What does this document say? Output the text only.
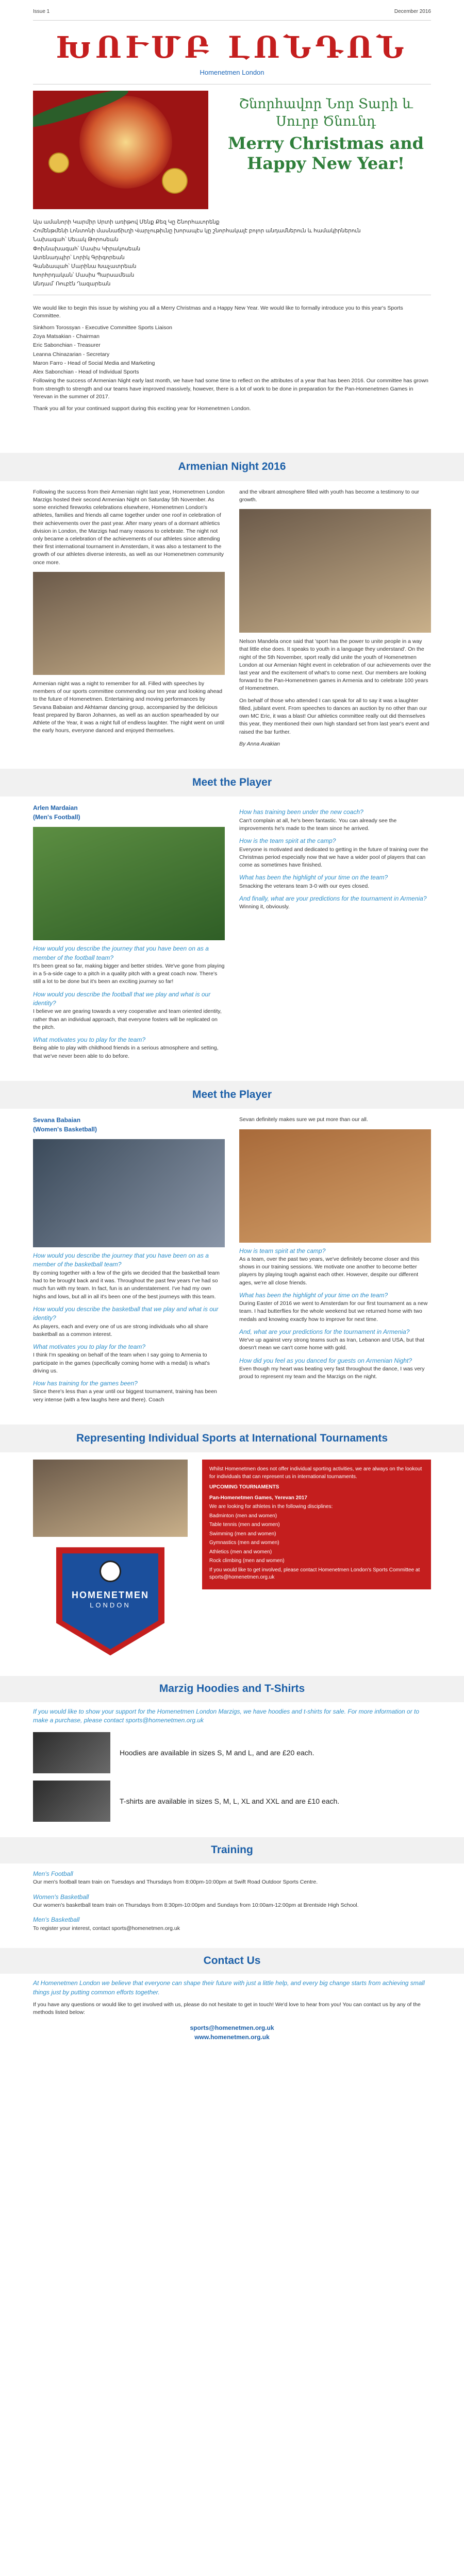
Issue 1	December 2016
ԽՈՒՄԲ ԼՈՆԴՈՆ
Homenetmen London
Շնորհավոր Նոր Տարի և Սուրբ Ծնունդ
Merry Christmas and Happy New Year!

Այս ամանորի Կարմիր Սրտի առիթով Մենք Քեզ Կը Շնորհաւորենք

Հոմենթմենի Լոնտոնի մասնաճիւղի Վարչութիւնը խորապէս կը շնորհակալէ բոլոր անդամներուն և համակիրներուն

Նախագահ՝ Սեւակ Թորոսեան

Փոխնախագահ՝ Մասիս Կիրակոսեան

Ատենադպիր՝ Լորիկ Գրիգորեան

Գանձապահ՝ Մարինա Խաչատրեան

Խորհրդական՝ Մասիս Պարսամեան

Անդամ՝ Ռուբէն Ղազարեան

We would like to begin this issue by wishing you all a Merry Christmas and a Happy New Year. We would like to formally introduce you to this year's Sports Committee.

Sinkhorn Torossyan - Executive Committee Sports Liaison

Zoya Matsakian - Chairman

Eric Sabonchian - Treasurer

Leanna Chinazarian - Secretary

Maron Farro - Head of Social Media and Marketing

Alex Sabonchian - Head of Individual Sports

Following the success of Armenian Night early last month, we have had some time to reflect on the attributes of a year that has been 2016. Our committee has grown from strength to strength and our teams have improved massively, however, there is a lot of work to be done in preparation for the Pan-Homenetmen Games in Yerevan in the summer of 2017.

Thank you all for your continued support during this exciting year for Homenetmen London.

Armenian Night 2016

Following the success from their Armenian night last year, Homenetmen London Marzigs hosted their second Armenian Night on Saturday 5th November. As some enriched fireworks celebrations elsewhere, Homenetmen London's athletes, families and friends all came together under one roof in celebration of their achievements over the past year. After many years of a dormant athletics division in London, the Marzigs had many reasons to celebrate. The night not only became a celebration of the achievements of our athletes since attending their first international tournament in Amsterdam, it was also a testament to the growth of our athletes diverse interests, as well as our Homenetmen community once more.

Armenian night was a night to remember for all. Filled with speeches by members of our sports committee commending our ten year and looking ahead to the future of Homenetmen. Entertaining and moving performances by Sevana Babaian and Akhtamar dancing group, accompanied by the delicious feast prepared by Baron Johannes, as well as an auction spearheaded by our Athlete of the Year, it was a night full of endless laughter. The night went on until the early hours, everyone danced and enjoyed themselves.

and the vibrant atmosphere filled with youth has become a testimony to our growth.

Nelson Mandela once said that 'sport has the power to unite people in a way that little else does. It speaks to youth in a language they understand'. On the night of the 5th November, sport really did unite the youth of Homenetmen London at our Armenian Night event in celebration of our achievements over the last year and the excitement of what's to come next. Our members are looking forward to the Pan-Homenetmen games in Armenia and to celebrate 100 years of Homenetmen.

On behalf of those who attended I can speak for all to say it was a laughter filled, jubilant event. From speeches to dances an auction by no other than our own MC Eric, it was a blast! Our athletics committee really out did themselves this year, they mentioned their own high standard set from last year's event and raised the bar further.

By Anna Avakian

Meet the Player
Arlen Mardaian
(Men's Football)
How would you describe the journey that you have been on as a member of the football team?

It's been great so far, making bigger and better strides. We've gone from playing in a 5-a-side cage to a pitch in a quality pitch with a great coach now. There's still a lot to be done but it's been an exciting journey so far!

How would you describe the football that we play and what is our identity?

I believe we are gearing towards a very cooperative and team oriented identity, rather than an individual approach, that everyone fosters will be replicated on the pitch.

What motivates you to play for the team?

Being able to play with childhood friends in a serious atmosphere and setting, that we've never been able to do before.

How has training been under the new coach?

Can't complain at all, he's been fantastic. You can already see the improvements he's made to the team since he arrived.

How is the team spirit at the camp?

Everyone is motivated and dedicated to getting in the future of training over the Christmas period especially now that we have a wider pool of players that can come as sometimes have finished.

What has been the highlight of your time on the team?

Smacking the veterans team 3-0 with our eyes closed.

And finally, what are your predictions for the tournament in Armenia?

Winning it, obviously.

Meet the Player
Sevana Babaian
(Women's Basketball)
How would you describe the journey that you have been on as a member of the basketball team?

By coming together with a few of the girls we decided that the basketball team had to be brought back and it was. Throughout the past few years I've had so much fun with my team. In fact, fun is an understatement. I've had my own highs and lows, but all in all it's been one of the best journeys with this team.

How would you describe the basketball that we play and what is our identity?

As players, each and every one of us are strong individuals who all share basketball as a common interest.

What motivates you to play for the team?

I think I'm speaking on behalf of the team when I say going to Armenia to participate in the games (specifically coming home with a medal) is what's driving us.

How has training for the games been?

Since there's less than a year until our biggest tournament, training has been very intense (with a few laughs here and there). Coach

Sevan definitely makes sure we put more than our all.

How is team spirit at the camp?

As a team, over the past two years, we've definitely become closer and this shows in our training sessions. We motivate one another to become better players by playing tough against each other. However, despite our different ages, we're all close friends.

What has been the highlight of your time on the team?

During Easter of 2016 we went to Amsterdam for our first tournament as a new team. I had butterflies for the whole weekend but we returned home with two medals and knowing exactly how to improve for next time.

And, what are your predictions for the tournament in Armenia?

We've up against very strong teams such as Iran, Lebanon and USA, but that doesn't mean we can't come home with gold.

How did you feel as you danced for guests on Armenian Night?

Even though my heart was beating very fast throughout the dance, I was very proud to represent my team and the Marzigs on the night.

Representing Individual Sports at International Tournaments
HOMENETMEN
LONDON

Whilst Homenetmen does not offer individual sporting activities, we are always on the lookout for individuals that can represent us in international tournaments.

UPCOMING TOURNAMENTS

Pan-Homenetmen Games, Yerevan 2017

We are looking for athletes in the following disciplines:

Badminton (men and women)

Table tennis (men and women)

Swimming (men and women)

Gymnastics (men and women)

Athletics (men and women)

Rock climbing (men and women)

If you would like to get involved, please contact Homenetmen London's Sports Committee at sports@homenetmen.org.uk

Marzig Hoodies and T-Shirts

If you would like to show your support for the Homenetmen London Marzigs, we have hoodies and t-shirts for sale. For more information or to make a purchase, please contact sports@homenetmen.org.uk

Hoodies are available in sizes S, M and L, and are £20 each.
T-shirts are available in sizes S, M, L, XL and XXL and are £10 each.
Training
Men's Football

Our men's football team train on Tuesdays and Thursdays from 8:00pm-10:00pm at Swift Road Outdoor Sports Centre.

Women's Basketball

Our women's basketball team train on Thursdays from 8:30pm-10:00pm and Sundays from 10:00am-12:00pm at Brentside High School.

Men's Basketball

To register your interest, contact sports@homenetmen.org.uk

Contact Us

At Homenetmen London we believe that everyone can shape their future with just a little help, and every big change starts from achieving small things just by putting common efforts together.

If you have any questions or would like to get involved with us, please do not hesitate to get in touch! We'd love to hear from you! You can contact us by any of the methods listed below:

sports@homenetmen.org.uk
www.homenetmen.org.uk
